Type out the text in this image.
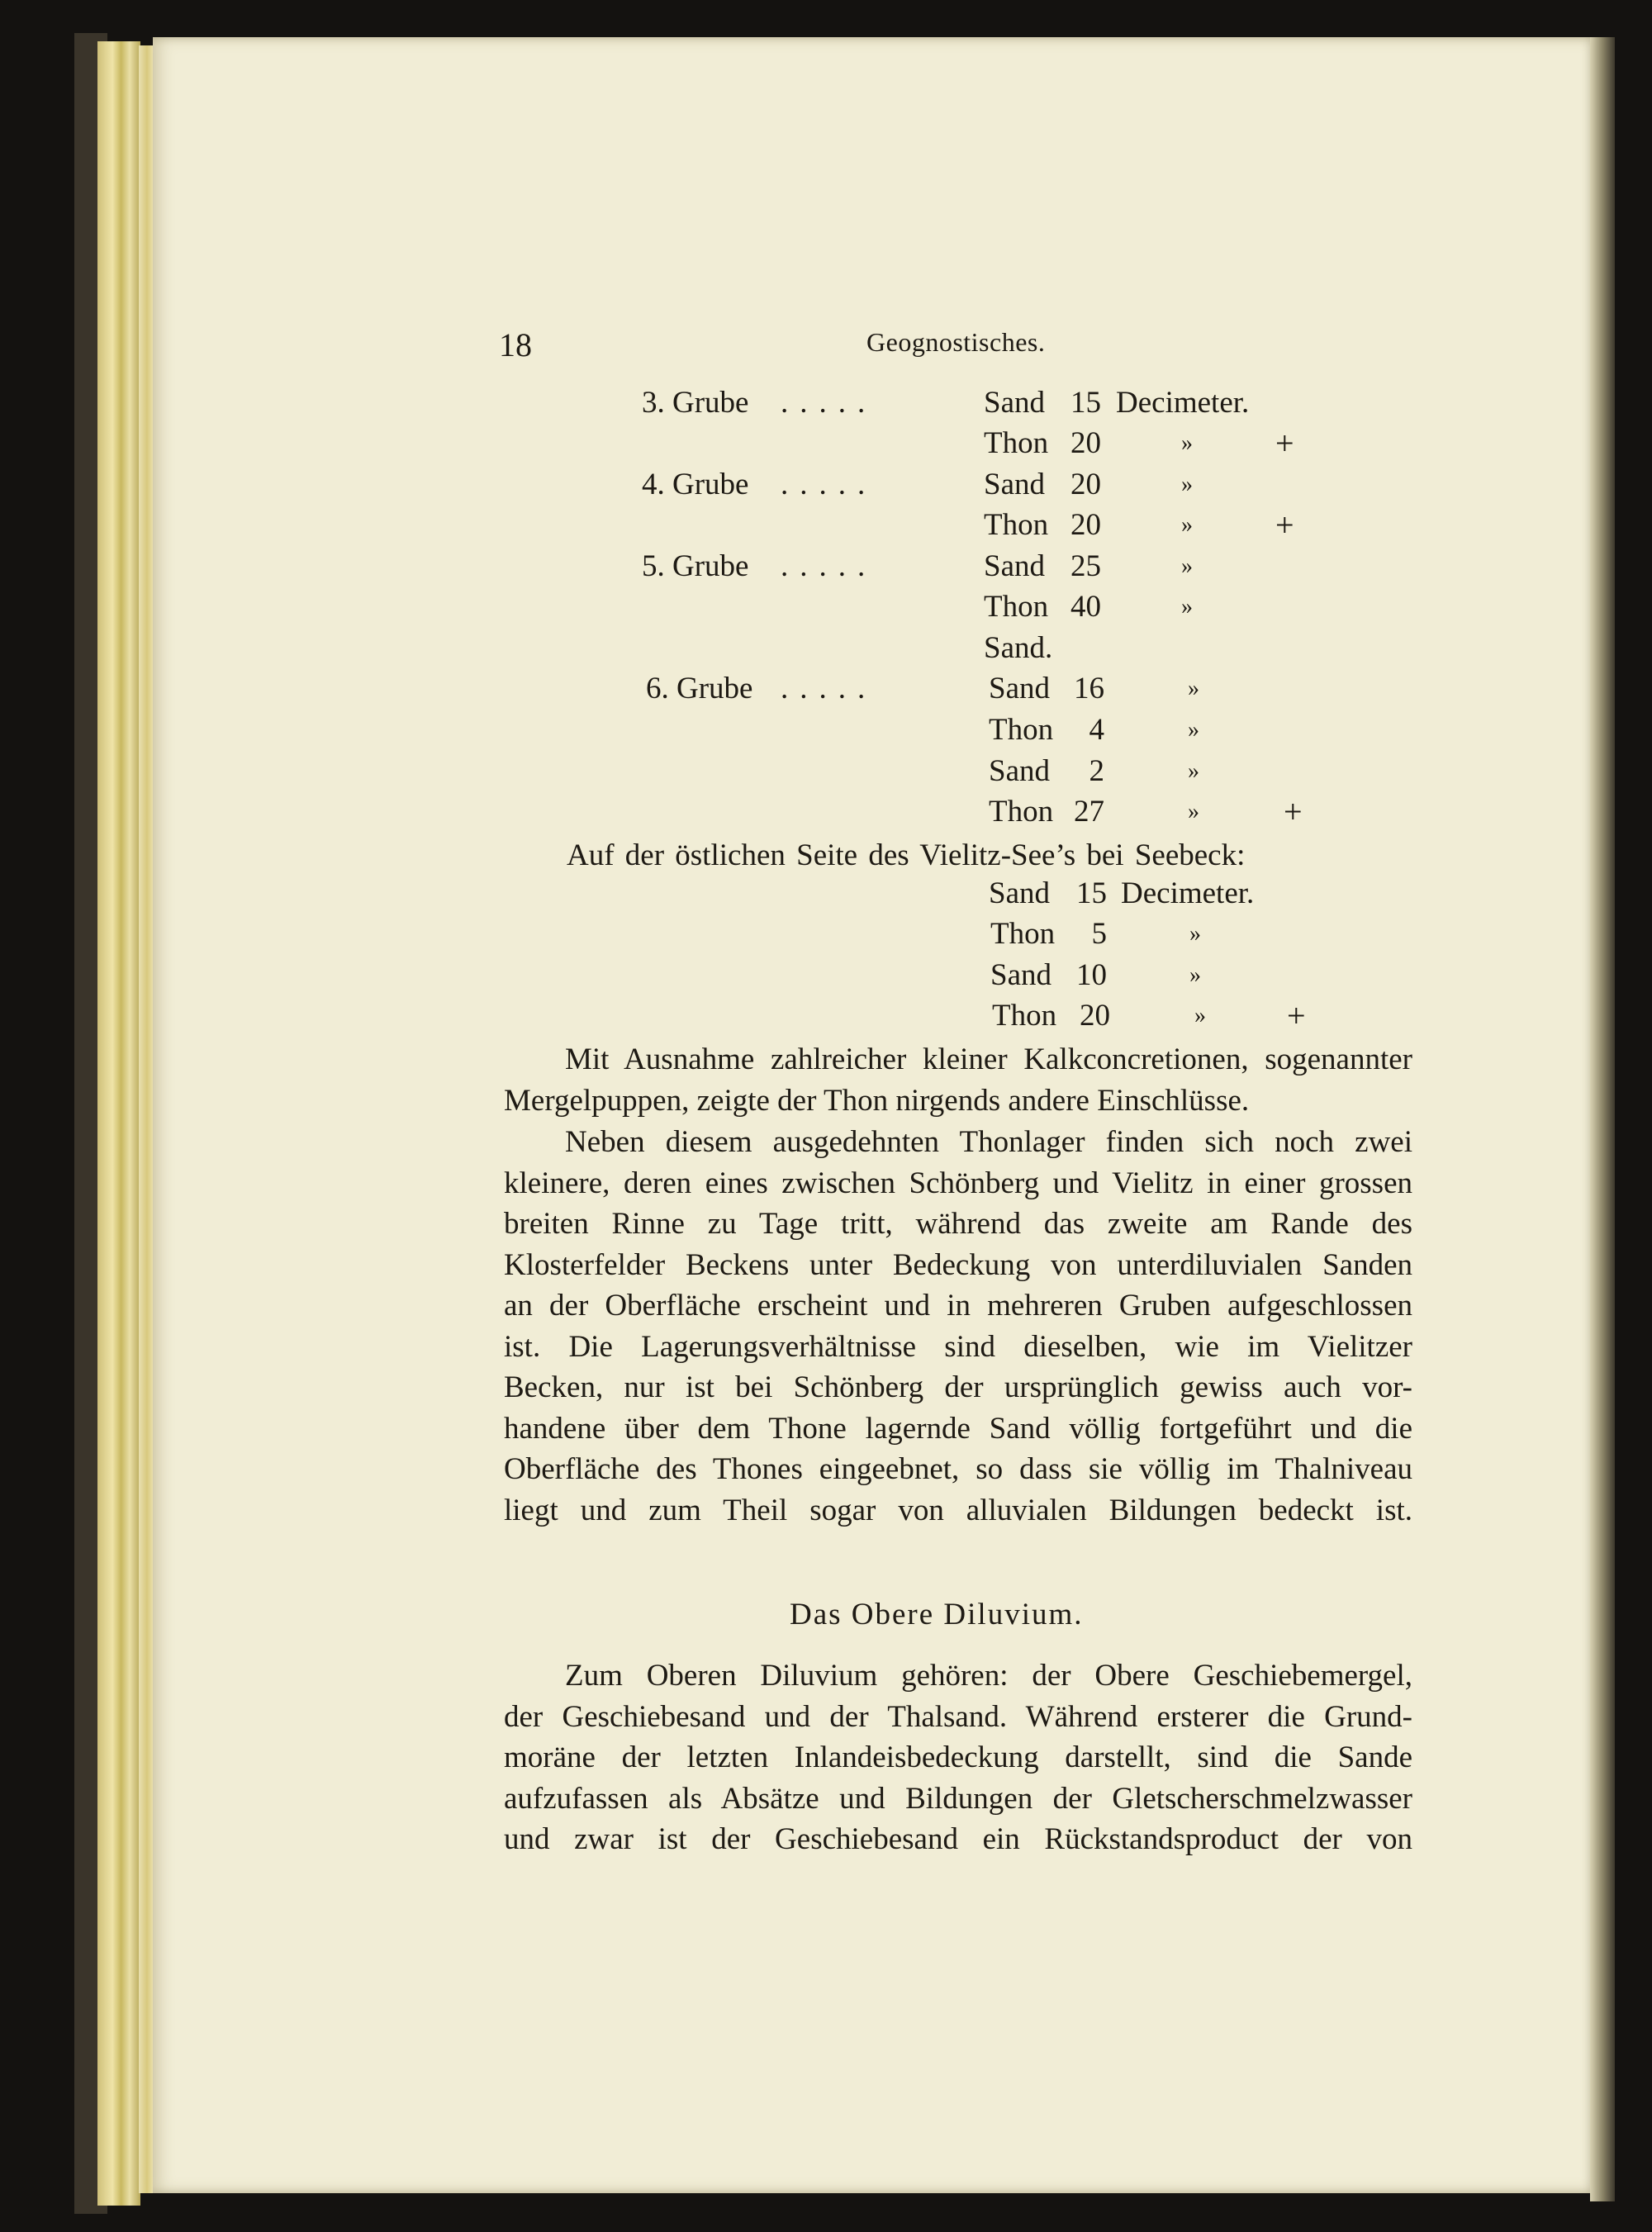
18	Geognostisches.
3. Grube .....	Sand 15 Decimeter.
Thon 20	»	+
4. Grube .....	Sand 20	»
Thon 20	»	+
5. Grube .....	Sand 25	»
Thon 40	»
Sand.
6. Grube .....	Sand 16	»
Thon	4	»
Sand	2	»
Thon 27	»	+
Auf der östlichen Seite des Vielitz-See’s bei Seebeck:
Sand 15 Decimeter.
Thon	5	»
Sand 10	»
Thon 20	» +
Mit Ausnahme zahlreicher kleiner Kalkconcretionen, sogenannter
Mergelpuppen, zeigte der Thon nirgends andere Einschlüsse.
Neben diesem ausgedehnten Thonlager finden sich noch zwei
kleinere, deren eines zwischen Schönberg und Vielitz in einer grossen
breiten Rinne zu Tage tritt, während das zweite am Rande des
Klosterfelder Beckens unter Bedeckung von unterdiluvialen Sanden
an der Oberfläche erscheint und in mehreren Gruben aufgeschlossen
ist. Die Lagerungsverhältnisse sind dieselben, wie im Vielitzer
Becken, nur ist bei Schönberg der ursprünglich gewiss auch vor-
handene über dem Thone lagernde Sand völlig fortgeführt und die
Oberfläche des Thones eingeebnet, so dass sie völlig im Thalniveau
liegt und zum Theil sogar von alluvialen Bildungen bedeckt ist.
Das Obere Diluvium.
Zum Oberen Diluvium gehören: der Obere Geschiebemergel,
der Geschiebesand und der Thalsand. Während ersterer die Grund-
moräne der letzten Inlandeisbedeckung darstellt, sind die Sande
aufzufassen als Absätze und Bildungen der Gletscherschmelzwasser
und zwar ist der Geschiebesand ein Rückstandsproduct der von
